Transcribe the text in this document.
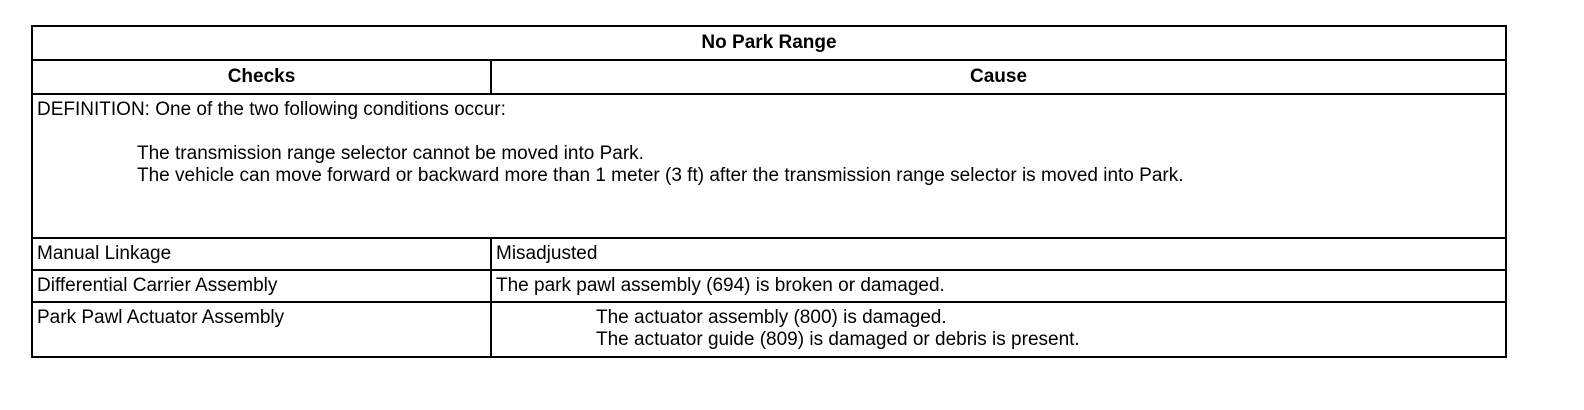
No Park Range	
Checks	Cause

DEFINITION: One of the two following conditions occur:
The transmission range selector cannot be moved into Park.
The vehicle can move forward or backward more than 1 meter (3 ft) after the transmission range selector is moved into Park.	

Manual Linkage	Misadjusted
Differential Carrier Assembly	The park pawl assembly (694) is broken or damaged.
Park Pawl Actuator Assembly	The actuator assembly (800) is damaged.
The actuator guide (809) is damaged or debris is present.
